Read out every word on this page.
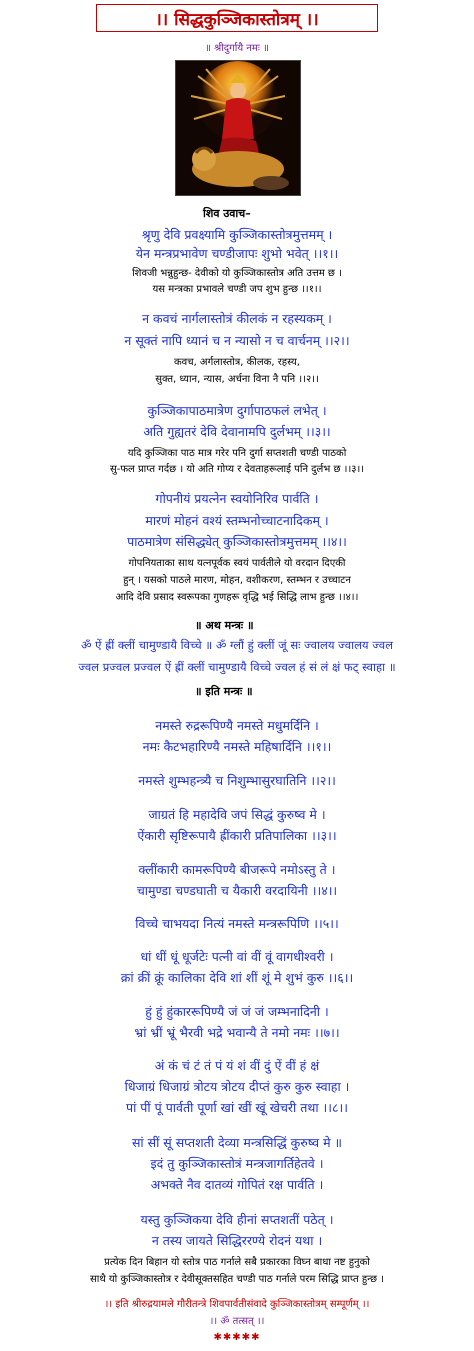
।। सिद्धकुञ्जिकास्तोत्रम् ।।
॥ श्रीदुर्गायै नमः ॥
शिव उवाच–
श्रृणु देवि प्रवक्ष्यामि कुञ्जिकास्तोत्रमुत्तमम् ।
येन मन्त्रप्रभावेण चण्डीजापः शुभो भवेत् ।।१।।
शिवजी भन्नुहुन्छ- देवीको यो कुञ्जिकास्तोत्र अति उत्तम छ ।
यस मन्त्रका प्रभावले चण्डी जप शुभ हुन्छ ।।१।।
न कवचं नार्गलास्तोत्रं कीलकं न रहस्यकम् ।
न सूक्तं नापि ध्यानं च न न्यासो न च वार्चनम् ।।२।।
कवच, अर्गलास्तोत्र, कीलक, रहस्य,
सुक्त, ध्यान, न्यास, अर्चना विना नै पनि ।।२।।
कुञ्जिकापाठमात्रेण दुर्गापाठफलं लभेत् ।
अति गुह्यतरं देवि देवानामपि दुर्लभम् ।।३।।
यदि कुञ्जिका पाठ मात्र गरेर पनि दुर्गा सप्तशती चण्डी पाठको
सु-फल प्राप्त गर्दछ । यो अति गोप्य र देवताहरूलाई पनि दुर्लभ छ ।।३।।
गोपनीयं प्रयत्नेन स्वयोनिरिव पार्वति ।
मारणं मोहनं वश्यं स्तम्भनोच्चाटनादिकम् ।
पाठमात्रेण संसिद्ध्येत् कुञ्जिकास्तोत्रमुत्तमम् ।।४।।
गोपनियताका साथ यत्नपूर्वक स्वयं पार्वतीले यो वरदान दिएकी
हुन् । यसको पाठले मारण, मोहन, वशीकरण, स्तम्भन र उच्चाटन
आदि देवि प्रसाद स्वरूपका गुणहरू वृद्धि भई सिद्धि लाभ हुन्छ ।।४।।
॥ अथ मन्त्रः ॥
ॐ ऐं ह्रीं क्लीं चामुण्डायै विच्चे ॥ ॐ ग्लौं हुं क्लीं जूं सः ज्वालय ज्वालय ज्वल
ज्वल प्रज्वल प्रज्वल ऐं ह्रीं क्लीं चामुण्डायै विच्चे ज्वल हं सं लं क्षं फट् स्वाहा ॥
॥ इति मन्त्रः ॥
नमस्ते रुद्ररूपिण्यै नमस्ते मधुमर्दिनि ।
नमः कैटभहारिण्यै नमस्ते महिषार्दिनि ।।१।।
नमस्ते शुम्भहन्त्र्यै च निशुम्भासुरघातिनि ।।२।।
जाग्रतं हि महादेवि जपं सिद्धं कुरुष्व मे ।
ऐंकारी सृष्टिरूपायै ह्रींकारी प्रतिपालिका ।।३।।
क्लींकारी कामरूपिण्यै बीजरूपे नमोऽस्तु ते ।
चामुण्डा चण्डघाती च यैकारी वरदायिनी ।।४।।
विच्चे चाभयदा नित्यं नमस्ते मन्त्ररूपिणि ।।५।।
धां धीं धूं धूर्जटेः पत्नी वां वीं वूं वागधीश्वरी ।
क्रां क्रीं क्रूं कालिका देवि शां शीं शूं मे शुभं कुरु ।।६।।
हुं हुं हुंकाररूपिण्यै जं जं जं जम्भनादिनी ।
भ्रां भ्रीं भ्रूं भैरवी भद्रे भवान्यै ते नमो नमः ।।७।।
अं कं चं टं तं पं यं शं वीं दुं ऐं वीं हं क्षं
धिजाग्रं धिजाग्रं त्रोटय त्रोटय दीप्तं कुरु कुरु स्वाहा ।
पां पीं पूं पार्वती पूर्णा खां खीं खूं खेचरी तथा ।।८।।
सां सीं सूं सप्तशती देव्या मन्त्रसिद्धिं कुरुष्व मे ॥
इदं तु कुञ्जिकास्तोत्रं मन्त्रजागर्तिहेतवे ।
अभक्ते नैव दातव्यं गोपितं रक्ष पार्वति ।
यस्तु कुञ्जिकया देवि हीनां सप्तशतीं पठेत् ।
न तस्य जायते सिद्धिररण्ये रोदनं यथा ।
प्रत्येक दिन बिहान यो स्तोत्र पाठ गर्नाले सबै प्रकारका विघ्न बाधा नष्ट हुनुको
साथै यो कुञ्जिकास्तोत्र र देवीसूक्तसहित चण्डी पाठ गर्नाले परम सिद्धि प्राप्त हुन्छ ।
।। इति श्रीरुद्रयामले गौरीतन्त्रे शिवपार्वतीसंवादे कुञ्जिकास्तोत्रम् सम्पूर्णम् ।।
।। ॐ तत्सत् ।।
✱✱✱✱✱
